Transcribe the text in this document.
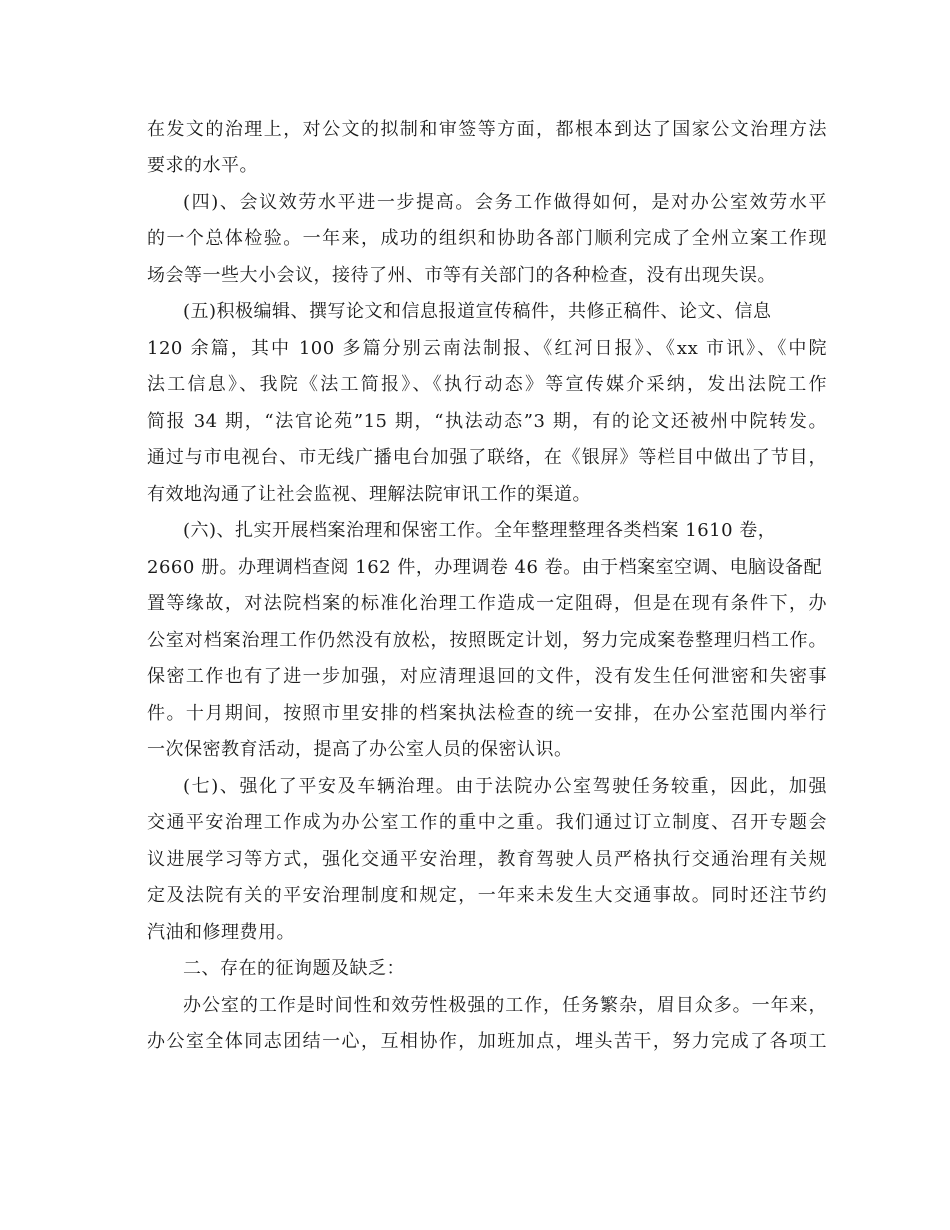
在发文的治理上，对公文的拟制和审签等方面，都根本到达了国家公文治理方法
要求的水平。
(四)、会议效劳水平进一步提高。会务工作做得如何，是对办公室效劳水平
的一个总体检验。一年来，成功的组织和协助各部门顺利完成了全州立案工作现
场会等一些大小会议，接待了州、市等有关部门的各种检查，没有出现失误。
(五)积极编辑、撰写论文和信息报道宣传稿件，共修正稿件、论文、信息
120 余篇，其中 100 多篇分别云南法制报、《红河日报》、《xx 市讯》、《中院
法工信息》、我院《法工简报》、《执行动态》等宣传媒介采纳，发出法院工作
简报 34 期，“法官论苑”15 期，“执法动态”3 期，有的论文还被州中院转发。
通过与市电视台、市无线广播电台加强了联络，在《银屏》等栏目中做出了节目，
有效地沟通了让社会监视、理解法院审讯工作的渠道。
(六)、扎实开展档案治理和保密工作。全年整理整理各类档案 1610 卷，
2660 册。办理调档查阅 162 件，办理调卷 46 卷。由于档案室空调、电脑设备配
置等缘故，对法院档案的标准化治理工作造成一定阻碍，但是在现有条件下，办
公室对档案治理工作仍然没有放松，按照既定计划，努力完成案卷整理归档工作。
保密工作也有了进一步加强，对应清理退回的文件，没有发生任何泄密和失密事
件。十月期间，按照市里安排的档案执法检查的统一安排，在办公室范围内举行
一次保密教育活动，提高了办公室人员的保密认识。
(七)、强化了平安及车辆治理。由于法院办公室驾驶任务较重，因此，加强
交通平安治理工作成为办公室工作的重中之重。我们通过订立制度、召开专题会
议进展学习等方式，强化交通平安治理，教育驾驶人员严格执行交通治理有关规
定及法院有关的平安治理制度和规定，一年来未发生大交通事故。同时还注节约
汽油和修理费用。
二、存在的征询题及缺乏：
办公室的工作是时间性和效劳性极强的工作，任务繁杂，眉目众多。一年来，
办公室全体同志团结一心，互相协作，加班加点，埋头苦干，努力完成了各项工
